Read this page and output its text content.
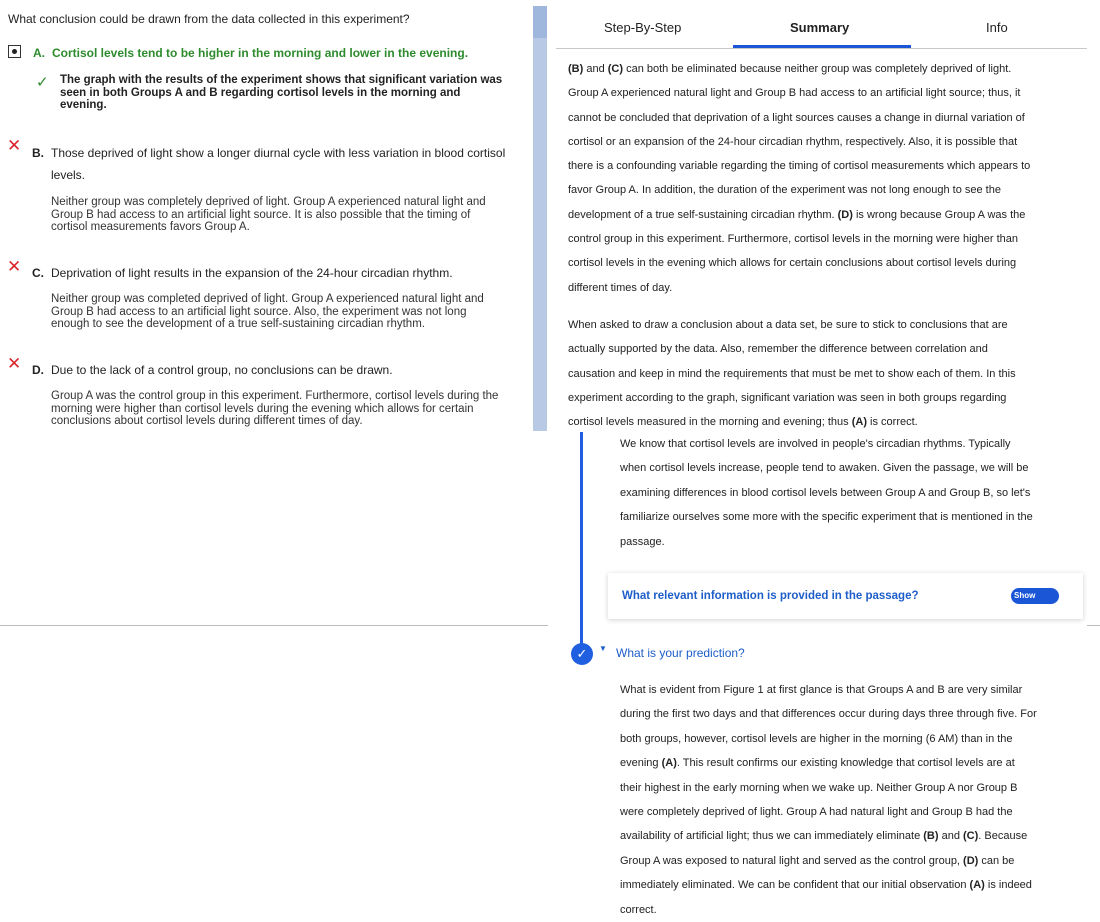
What conclusion could be drawn from the data collected in this experiment?
A. Cortisol levels tend to be higher in the morning and lower in the evening.
✓ The graph with the results of the experiment shows that significant variation was
seen in both Groups A and B regarding cortisol levels in the morning and
evening.
✕ B. Those deprived of light show a longer diurnal cycle with less variation in blood cortisol
levels.
Neither group was completely deprived of light. Group A experienced natural light and
Group B had access to an artificial light source. It is also possible that the timing of
cortisol measurements favors Group A.
✕ C. Deprivation of light results in the expansion of the 24-hour circadian rhythm.
Neither group was completed deprived of light. Group A experienced natural light and
Group B had access to an artificial light source. Also, the experiment was not long
enough to see the development of a true self-sustaining circadian rhythm.
✕ D. Due to the lack of a control group, no conclusions can be drawn.
Group A was the control group in this experiment. Furthermore, cortisol levels during the
morning were higher than cortisol levels during the evening which allows for certain
conclusions about cortisol levels during different times of day.
Step-By-Step	Summary	Info
(B) and (C) can both be eliminated because neither group was completely deprived of light.
Group A experienced natural light and Group B had access to an artificial light source; thus, it
cannot be concluded that deprivation of a light sources causes a change in diurnal variation of
cortisol or an expansion of the 24-hour circadian rhythm, respectively. Also, it is possible that
there is a confounding variable regarding the timing of cortisol measurements which appears to
favor Group A. In addition, the duration of the experiment was not long enough to see the
development of a true self-sustaining circadian rhythm. (D) is wrong because Group A was the
control group in this experiment. Furthermore, cortisol levels in the morning were higher than
cortisol levels in the evening which allows for certain conclusions about cortisol levels during
different times of day.
When asked to draw a conclusion about a data set, be sure to stick to conclusions that are
actually supported by the data. Also, remember the difference between correlation and
causation and keep in mind the requirements that must be met to show each of them. In this
experiment according to the graph, significant variation was seen in both groups regarding
cortisol levels measured in the morning and evening; thus (A) is correct.
We know that cortisol levels are involved in people's circadian rhythms. Typically
when cortisol levels increase, people tend to awaken. Given the passage, we will be
examining differences in blood cortisol levels between Group A and Group B, so let's
familiarize ourselves some more with the specific experiment that is mentioned in the
passage.
What relevant information is provided in the passage?	Show
✓	▼ What is your prediction?
What is evident from Figure 1 at first glance is that Groups A and B are very similar
during the first two days and that differences occur during days three through five. For
both groups, however, cortisol levels are higher in the morning (6 AM) than in the
evening (A). This result confirms our existing knowledge that cortisol levels are at
their highest in the early morning when we wake up. Neither Group A nor Group B
were completely deprived of light. Group A had natural light and Group B had the
availability of artificial light; thus we can immediately eliminate (B) and (C). Because
Group A was exposed to natural light and served as the control group, (D) can be
immediately eliminated. We can be confident that our initial observation (A) is indeed
correct.
